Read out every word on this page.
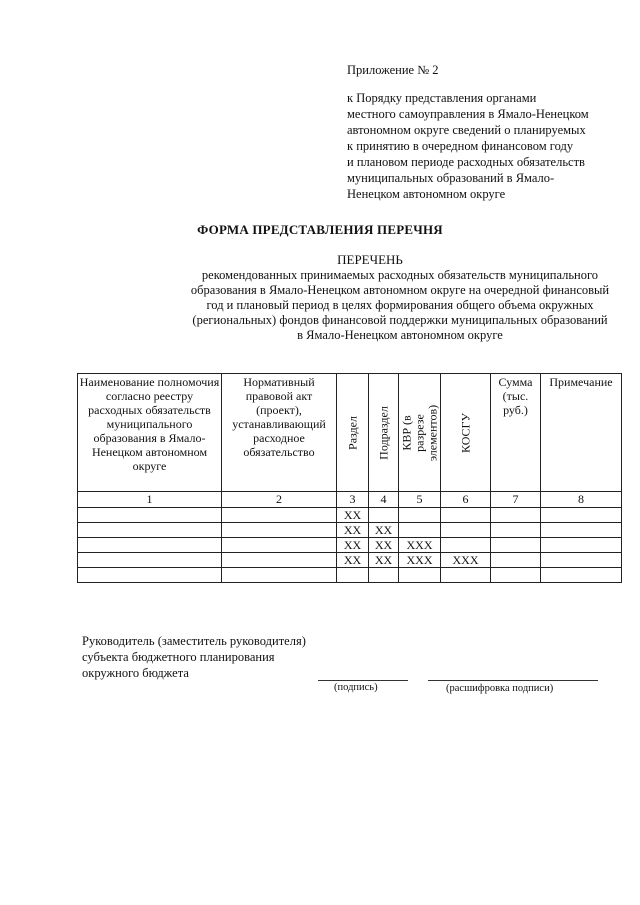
Приложение № 2
к Порядку представления органами
местного самоуправления в Ямало-Ненецком
автономном округе сведений о планируемых
к принятию в очередном финансовом году
и плановом периоде расходных обязательств
муниципальных образований в Ямало-
Ненецком автономном округе
ФОРМА ПРЕДСТАВЛЕНИЯ ПЕРЕЧНЯ
ПЕРЕЧЕНЬ
рекомендованных принимаемых расходных обязательств муниципального
образования в Ямало-Ненецком автономном округе на очередной финансовый
год и плановый период в целях формирования общего объема окружных
(региональных) фондов финансовой поддержки муниципальных образований
в Ямало-Ненецком автономном округе
Наименование полномочия согласно реестру расходных обязательств муниципального образования в Ямало-Ненецком автономном округе	Нормативный правовой акт (проект), устанавливающий расходное обязательство	Раздел	Подраздел	КВР (в разрезе элементов)	КОСГУ	Сумма (тыс. руб.)	Примечание
1	2	3	4	5	6	7	8
		XX					
		XX	XX				
		XX	XX	XXX			
		XX	XX	XXX	XXX		

Руководитель (заместитель руководителя)
субъекта бюджетного планирования
окружного бюджета
(подпись)	(расшифровка подписи)
